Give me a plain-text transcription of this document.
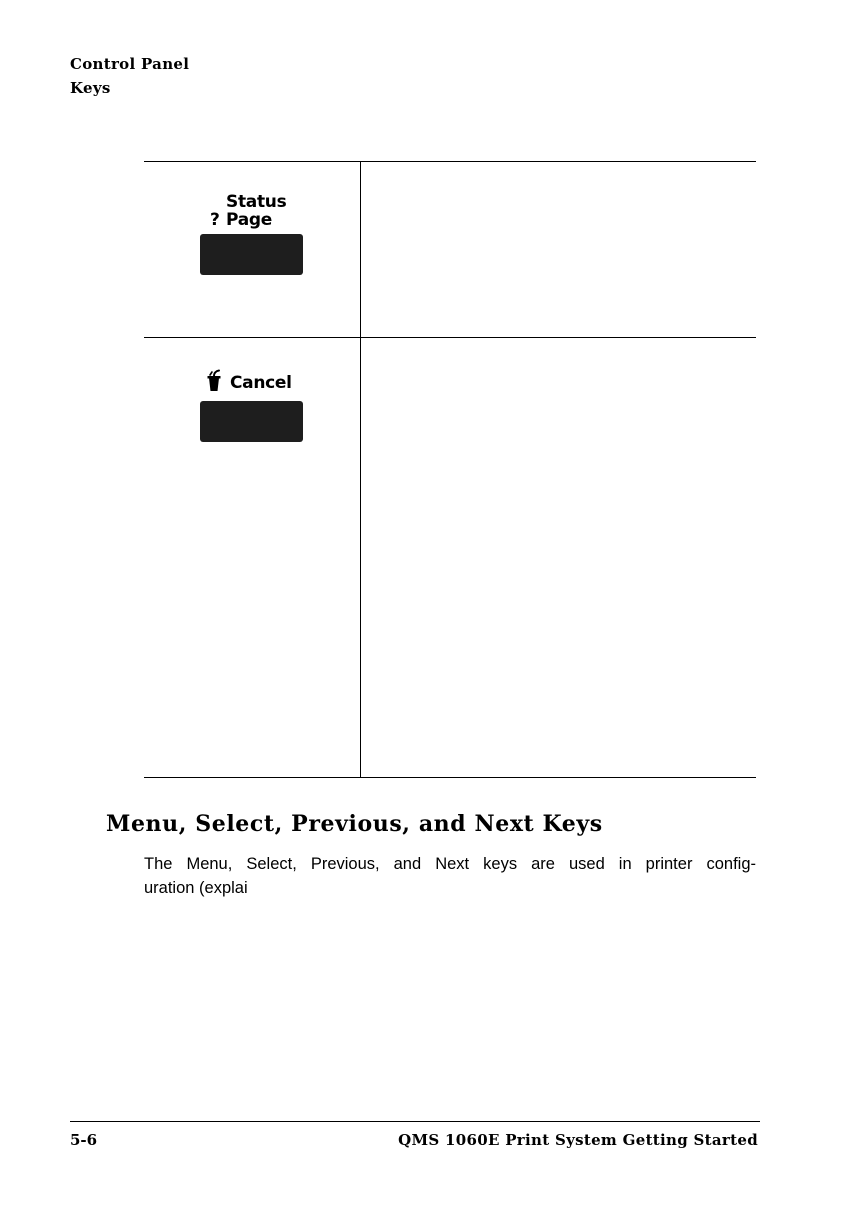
Control Panel
Keys
Status
? Page
Cancel
Menu, Select, Previous, and Next Keys
The Menu, Select, Previous, and Next keys are used in printer config-
uration (explai
5-6	QMS 1060E Print System Getting Started
